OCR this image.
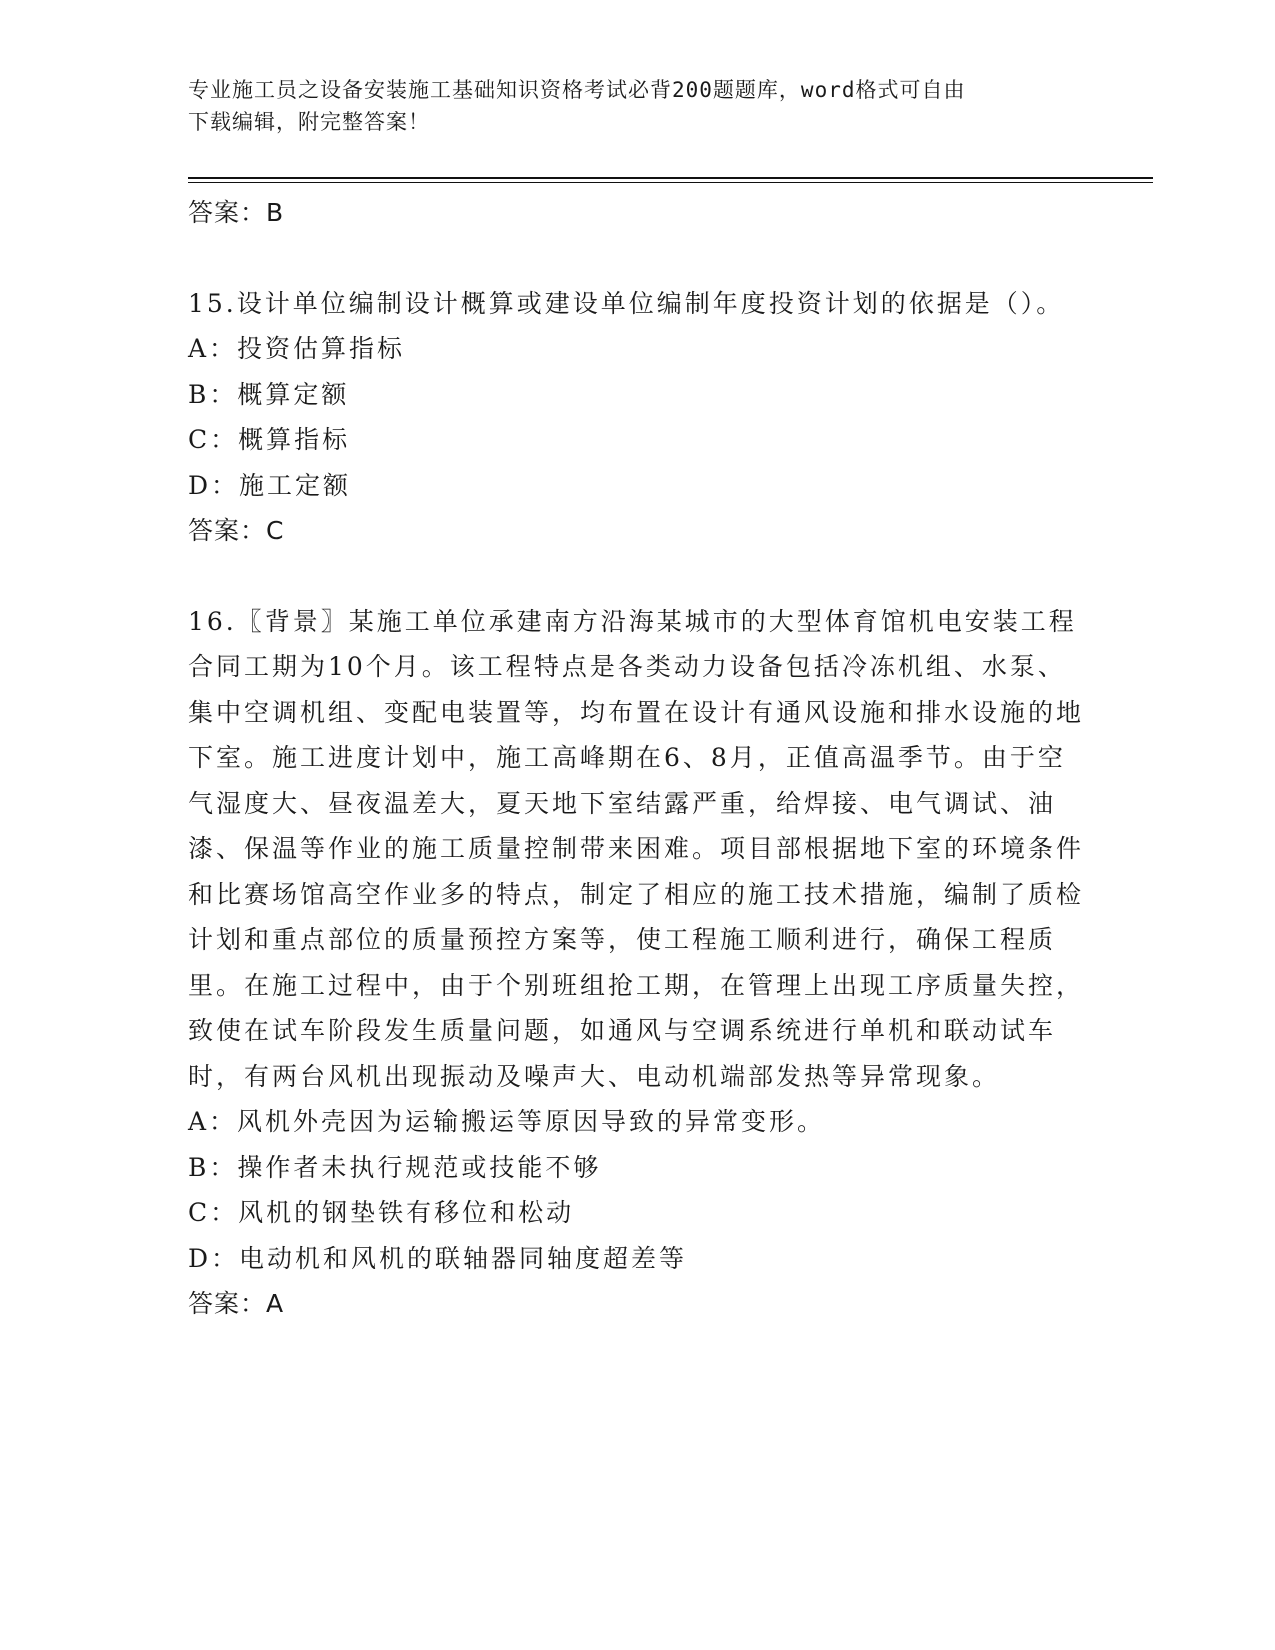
专业施工员之设备安装施工基础知识资格考试必背200题题库，word格式可自由

下载编辑，附完整答案！

答案：B

15.设计单位编制设计概算或建设单位编制年度投资计划的依据是（）。

A：投资估算指标

B：概算定额

C：概算指标

D：施工定额

答案：C

16.〖背景〗某施工单位承建南方沿海某城市的大型体育馆机电安装工程合同工期为10个月。该工程特点是各类动力设备包括冷冻机组、水泵、集中空调机组、变配电装置等，均布置在设计有通风设施和排水设施的地下室。施工进度计划中，施工高峰期在6、8月，正值高温季节。由于空气湿度大、昼夜温差大，夏天地下室结露严重，给焊接、电气调试、油漆、保温等作业的施工质量控制带来困难。项目部根据地下室的环境条件和比赛场馆高空作业多的特点，制定了相应的施工技术措施，编制了质检计划和重点部位的质量预控方案等，使工程施工顺利进行，确保工程质里。在施工过程中，由于个别班组抢工期，在管理上出现工序质量失控，致使在试车阶段发生质量问题，如通风与空调系统进行单机和联动试车时，有两台风机出现振动及噪声大、电动机端部发热等异常现象。

A：风机外壳因为运输搬运等原因导致的异常变形。

B：操作者未执行规范或技能不够

C：风机的钢垫铁有移位和松动

D：电动机和风机的联轴器同轴度超差等

答案：A
